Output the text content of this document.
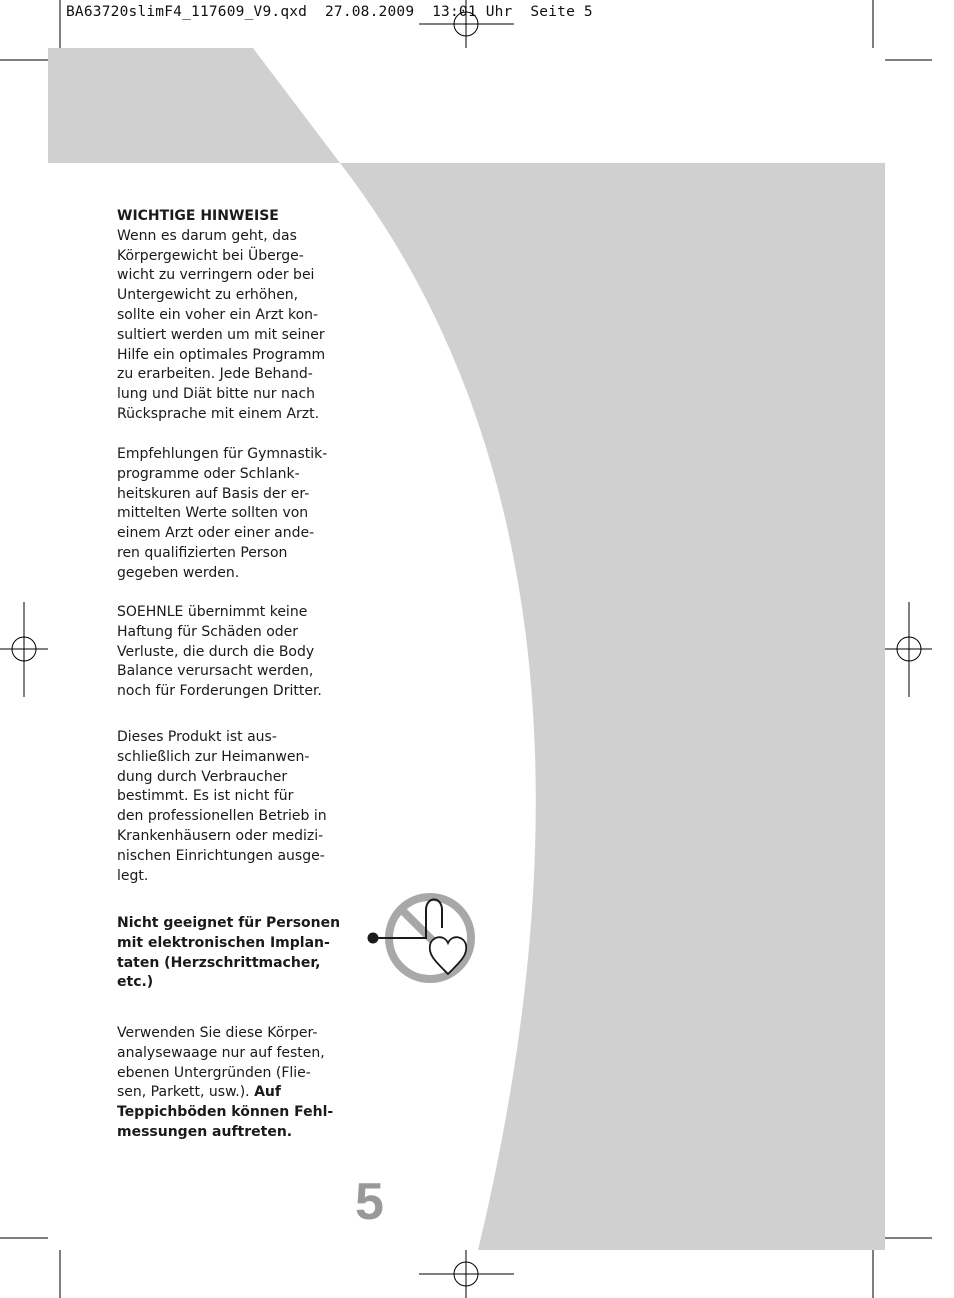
BA63720slimF4_117609_V9.qxd  27.08.2009  13:01 Uhr  Seite 5

WICHTIGE HINWEISE

Wenn es darum geht, das
Körpergewicht bei Überge-
wicht zu verringern oder bei
Untergewicht zu erhöhen,
sollte ein voher ein Arzt kon-
sultiert werden um mit seiner
Hilfe ein optimales Programm
zu erarbeiten. Jede Behand-
lung und Diät bitte nur nach
Rücksprache mit einem Arzt.

Empfehlungen für Gymnastik-
programme oder Schlank-
heitskuren auf Basis der er-
mittelten Werte sollten von
einem Arzt oder einer ande-
ren qualifizierten Person
gegeben werden.

SOEHNLE übernimmt keine
Haftung für Schäden oder
Verluste, die durch die Body
Balance verursacht werden,
noch für Forderungen Dritter.

Dieses Produkt ist aus-
schließlich zur Heimanwen-
dung durch Verbraucher
bestimmt. Es ist nicht für
den professionellen Betrieb in
Krankenhäusern oder medizi-
nischen Einrichtungen ausge-
legt.

Nicht geeignet für Personen
mit elektronischen Implan-
taten (Herzschrittmacher,
etc.)

Verwenden Sie diese Körper-
analysewaage nur auf festen,
ebenen Untergründen (Flie-
sen, Parkett, usw.). Auf
Teppichböden können Fehl-
messungen auftreten.

5
